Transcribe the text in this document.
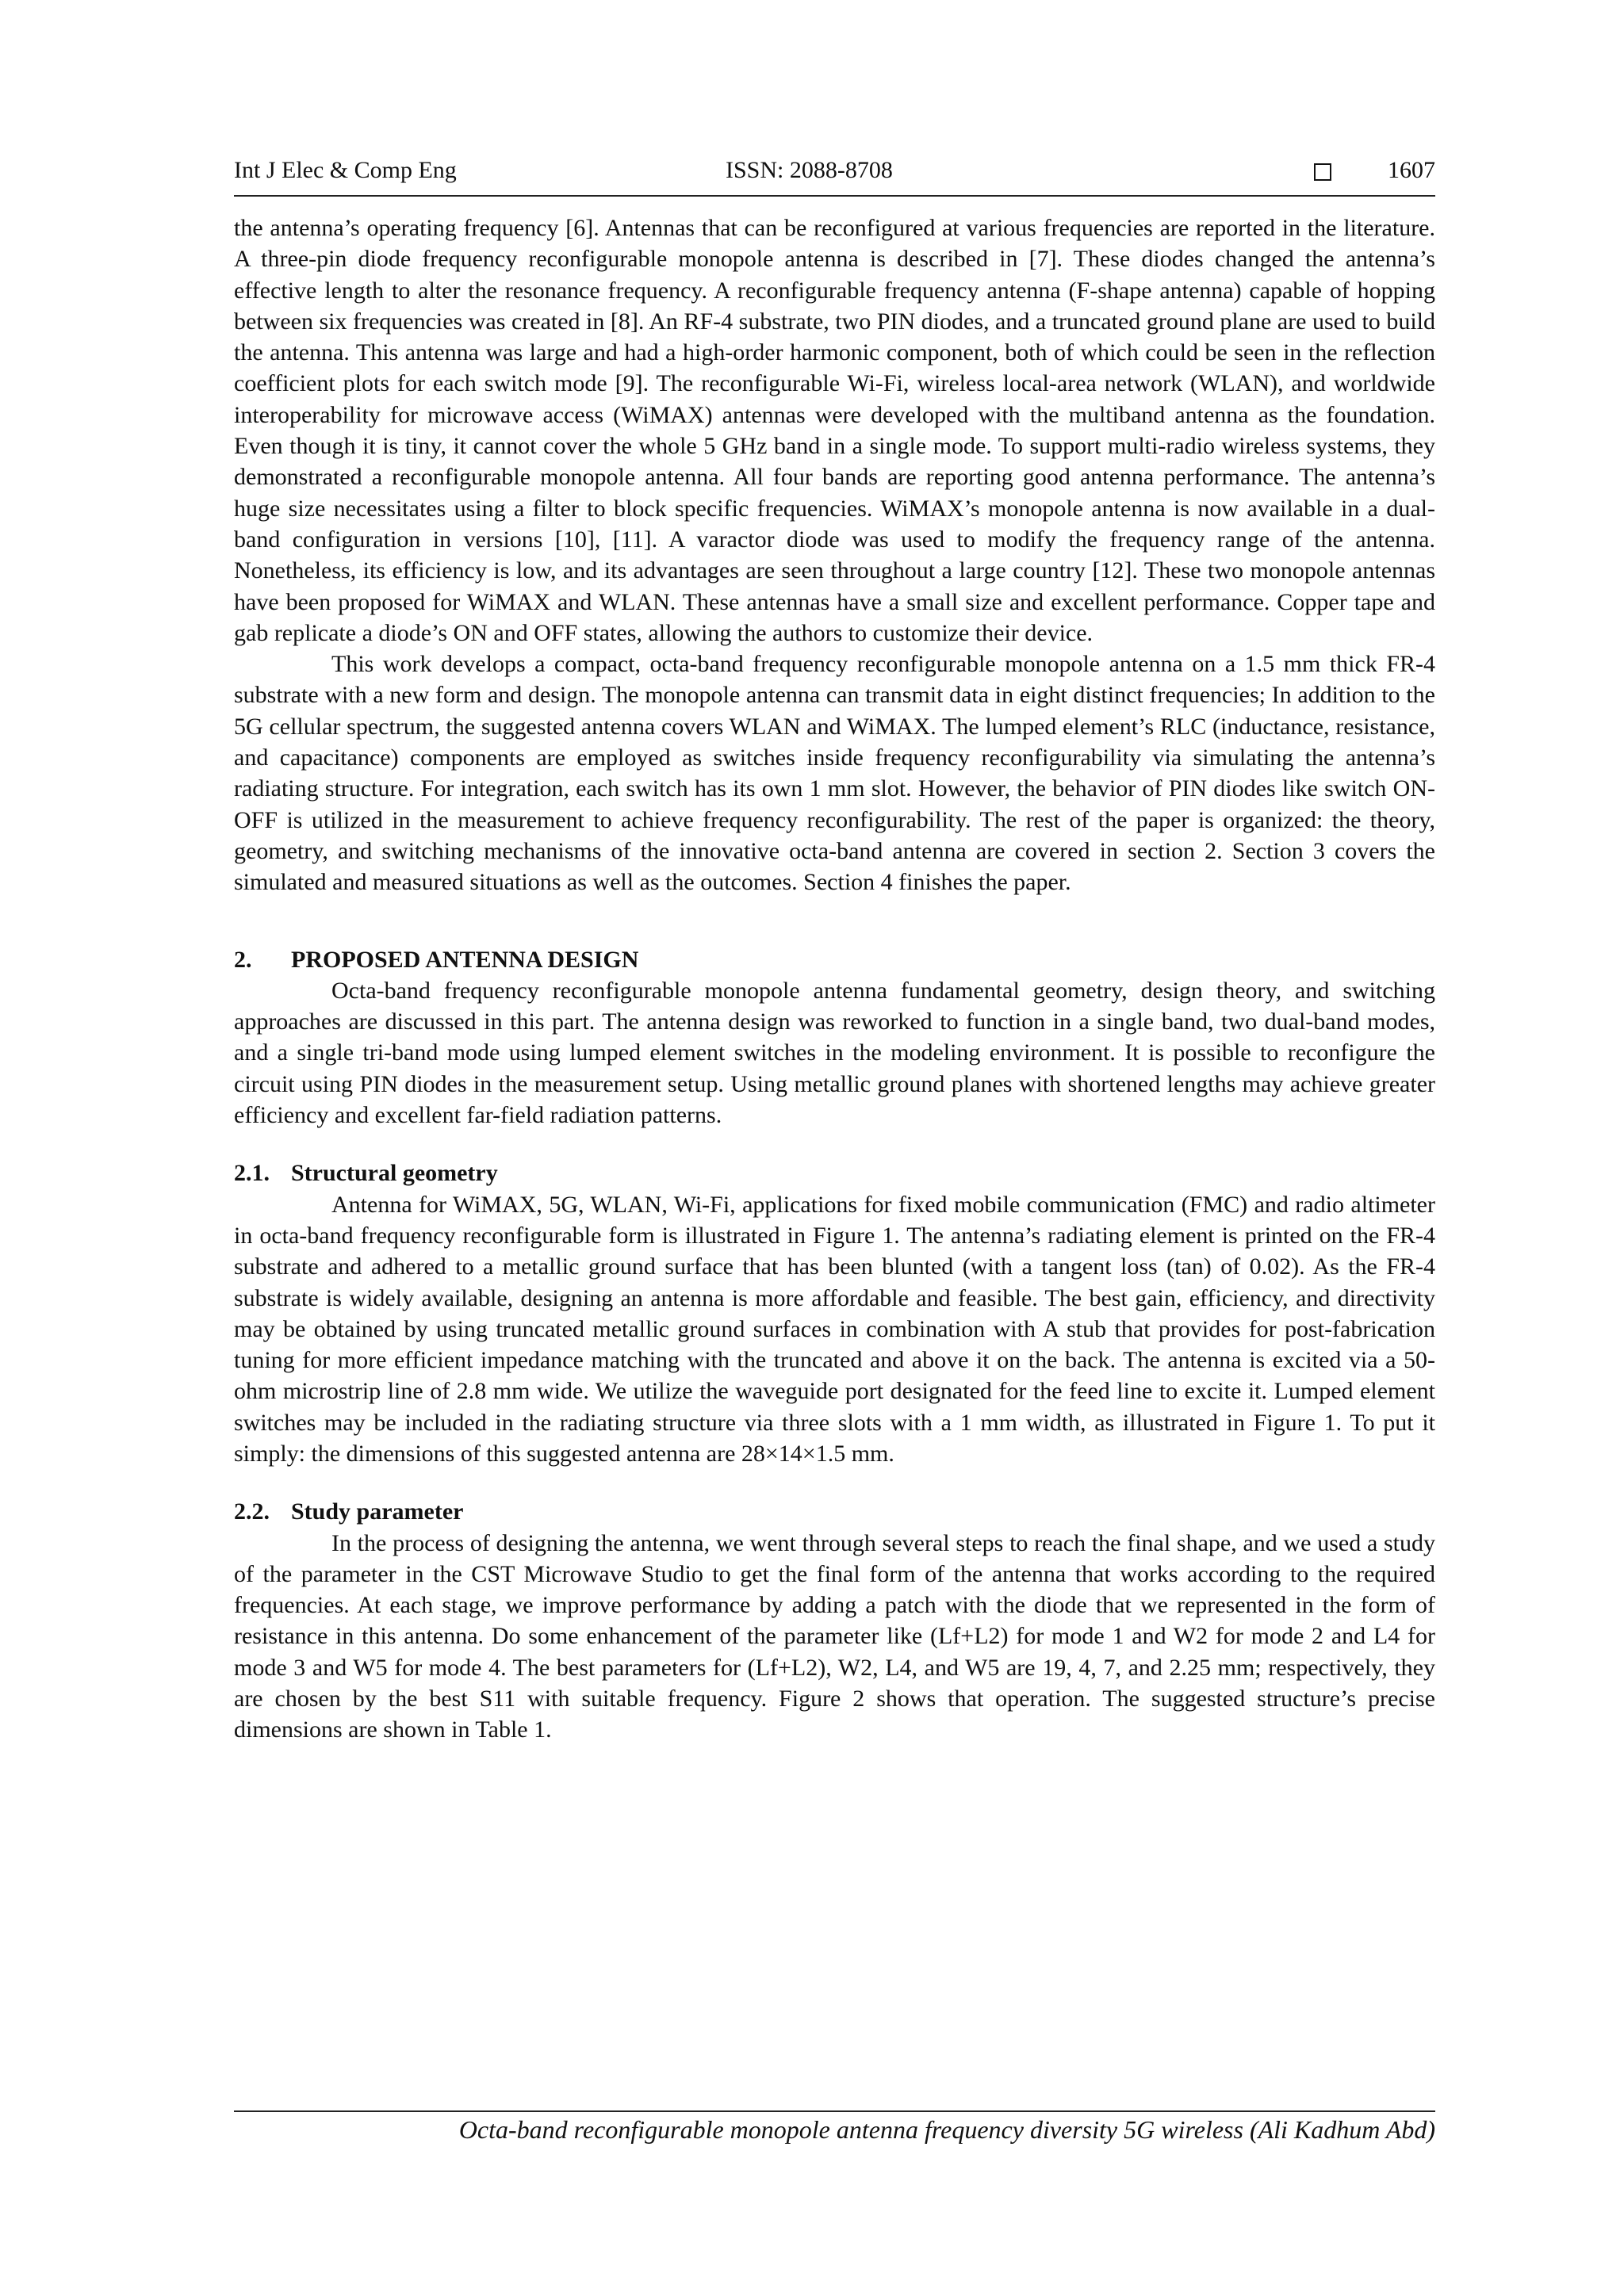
Int J Elec & Comp Eng	ISSN: 2088-8708	1607

the antenna’s operating frequency [6]. Antennas that can be reconfigured at various frequencies are reported in the literature. A three-pin diode frequency reconfigurable monopole antenna is described in [7]. These diodes changed the antenna’s effective length to alter the resonance frequency. A reconfigurable frequency antenna (F-shape antenna) capable of hopping between six frequencies was created in [8]. An RF-4 substrate, two PIN diodes, and a truncated ground plane are used to build the antenna. This antenna was large and had a high-order harmonic component, both of which could be seen in the reflection coefficient plots for each switch mode [9]. The reconfigurable Wi-Fi, wireless local-area network (WLAN), and worldwide interoperability for microwave access (WiMAX) antennas were developed with the multiband antenna as the foundation. Even though it is tiny, it cannot cover the whole 5 GHz band in a single mode. To support multi-radio wireless systems, they demonstrated a reconfigurable monopole antenna. All four bands are reporting good antenna performance. The antenna’s huge size necessitates using a filter to block specific frequencies. WiMAX’s monopole antenna is now available in a dual-band configuration in versions [10], [11]. A varactor diode was used to modify the frequency range of the antenna. Nonetheless, its efficiency is low, and its advantages are seen throughout a large country [12]. These two monopole antennas have been proposed for WiMAX and WLAN. These antennas have a small size and excellent performance. Copper tape and gab replicate a diode’s ON and OFF states, allowing the authors to customize their device.

This work develops a compact, octa-band frequency reconfigurable monopole antenna on a 1.5 mm thick FR-4 substrate with a new form and design. The monopole antenna can transmit data in eight distinct frequencies; In addition to the 5G cellular spectrum, the suggested antenna covers WLAN and WiMAX. The lumped element’s RLC (inductance, resistance, and capacitance) components are employed as switches inside frequency reconfigurability via simulating the antenna’s radiating structure. For integration, each switch has its own 1 mm slot. However, the behavior of PIN diodes like switch ON-OFF is utilized in the measurement to achieve frequency reconfigurability. The rest of the paper is organized: the theory, geometry, and switching mechanisms of the innovative octa-band antenna are covered in section 2. Section 3 covers the simulated and measured situations as well as the outcomes. Section 4 finishes the paper.

2. PROPOSED ANTENNA DESIGN

Octa-band frequency reconfigurable monopole antenna fundamental geometry, design theory, and switching approaches are discussed in this part. The antenna design was reworked to function in a single band, two dual-band modes, and a single tri-band mode using lumped element switches in the modeling environment. It is possible to reconfigure the circuit using PIN diodes in the measurement setup. Using metallic ground planes with shortened lengths may achieve greater efficiency and excellent far-field radiation patterns.

2.1. Structural geometry

Antenna for WiMAX, 5G, WLAN, Wi-Fi, applications for fixed mobile communication (FMC) and radio altimeter in octa-band frequency reconfigurable form is illustrated in Figure 1. The antenna’s radiating element is printed on the FR-4 substrate and adhered to a metallic ground surface that has been blunted (with a tangent loss (tan) of 0.02). As the FR-4 substrate is widely available, designing an antenna is more affordable and feasible. The best gain, efficiency, and directivity may be obtained by using truncated metallic ground surfaces in combination with A stub that provides for post-fabrication tuning for more efficient impedance matching with the truncated and above it on the back. The antenna is excited via a 50-ohm microstrip line of 2.8 mm wide. We utilize the waveguide port designated for the feed line to excite it. Lumped element switches may be included in the radiating structure via three slots with a 1 mm width, as illustrated in Figure 1. To put it simply: the dimensions of this suggested antenna are 28×14×1.5 mm.

2.2. Study parameter

In the process of designing the antenna, we went through several steps to reach the final shape, and we used a study of the parameter in the CST Microwave Studio to get the final form of the antenna that works according to the required frequencies. At each stage, we improve performance by adding a patch with the diode that we represented in the form of resistance in this antenna. Do some enhancement of the parameter like (Lf+L2) for mode 1 and W2 for mode 2 and L4 for mode 3 and W5 for mode 4. The best parameters for (Lf+L2), W2, L4, and W5 are 19, 4, 7, and 2.25 mm; respectively, they are chosen by the best S11 with suitable frequency. Figure 2 shows that operation. The suggested structure’s precise dimensions are shown in Table 1.

Octa-band reconfigurable monopole antenna frequency diversity 5G wireless (Ali Kadhum Abd)
